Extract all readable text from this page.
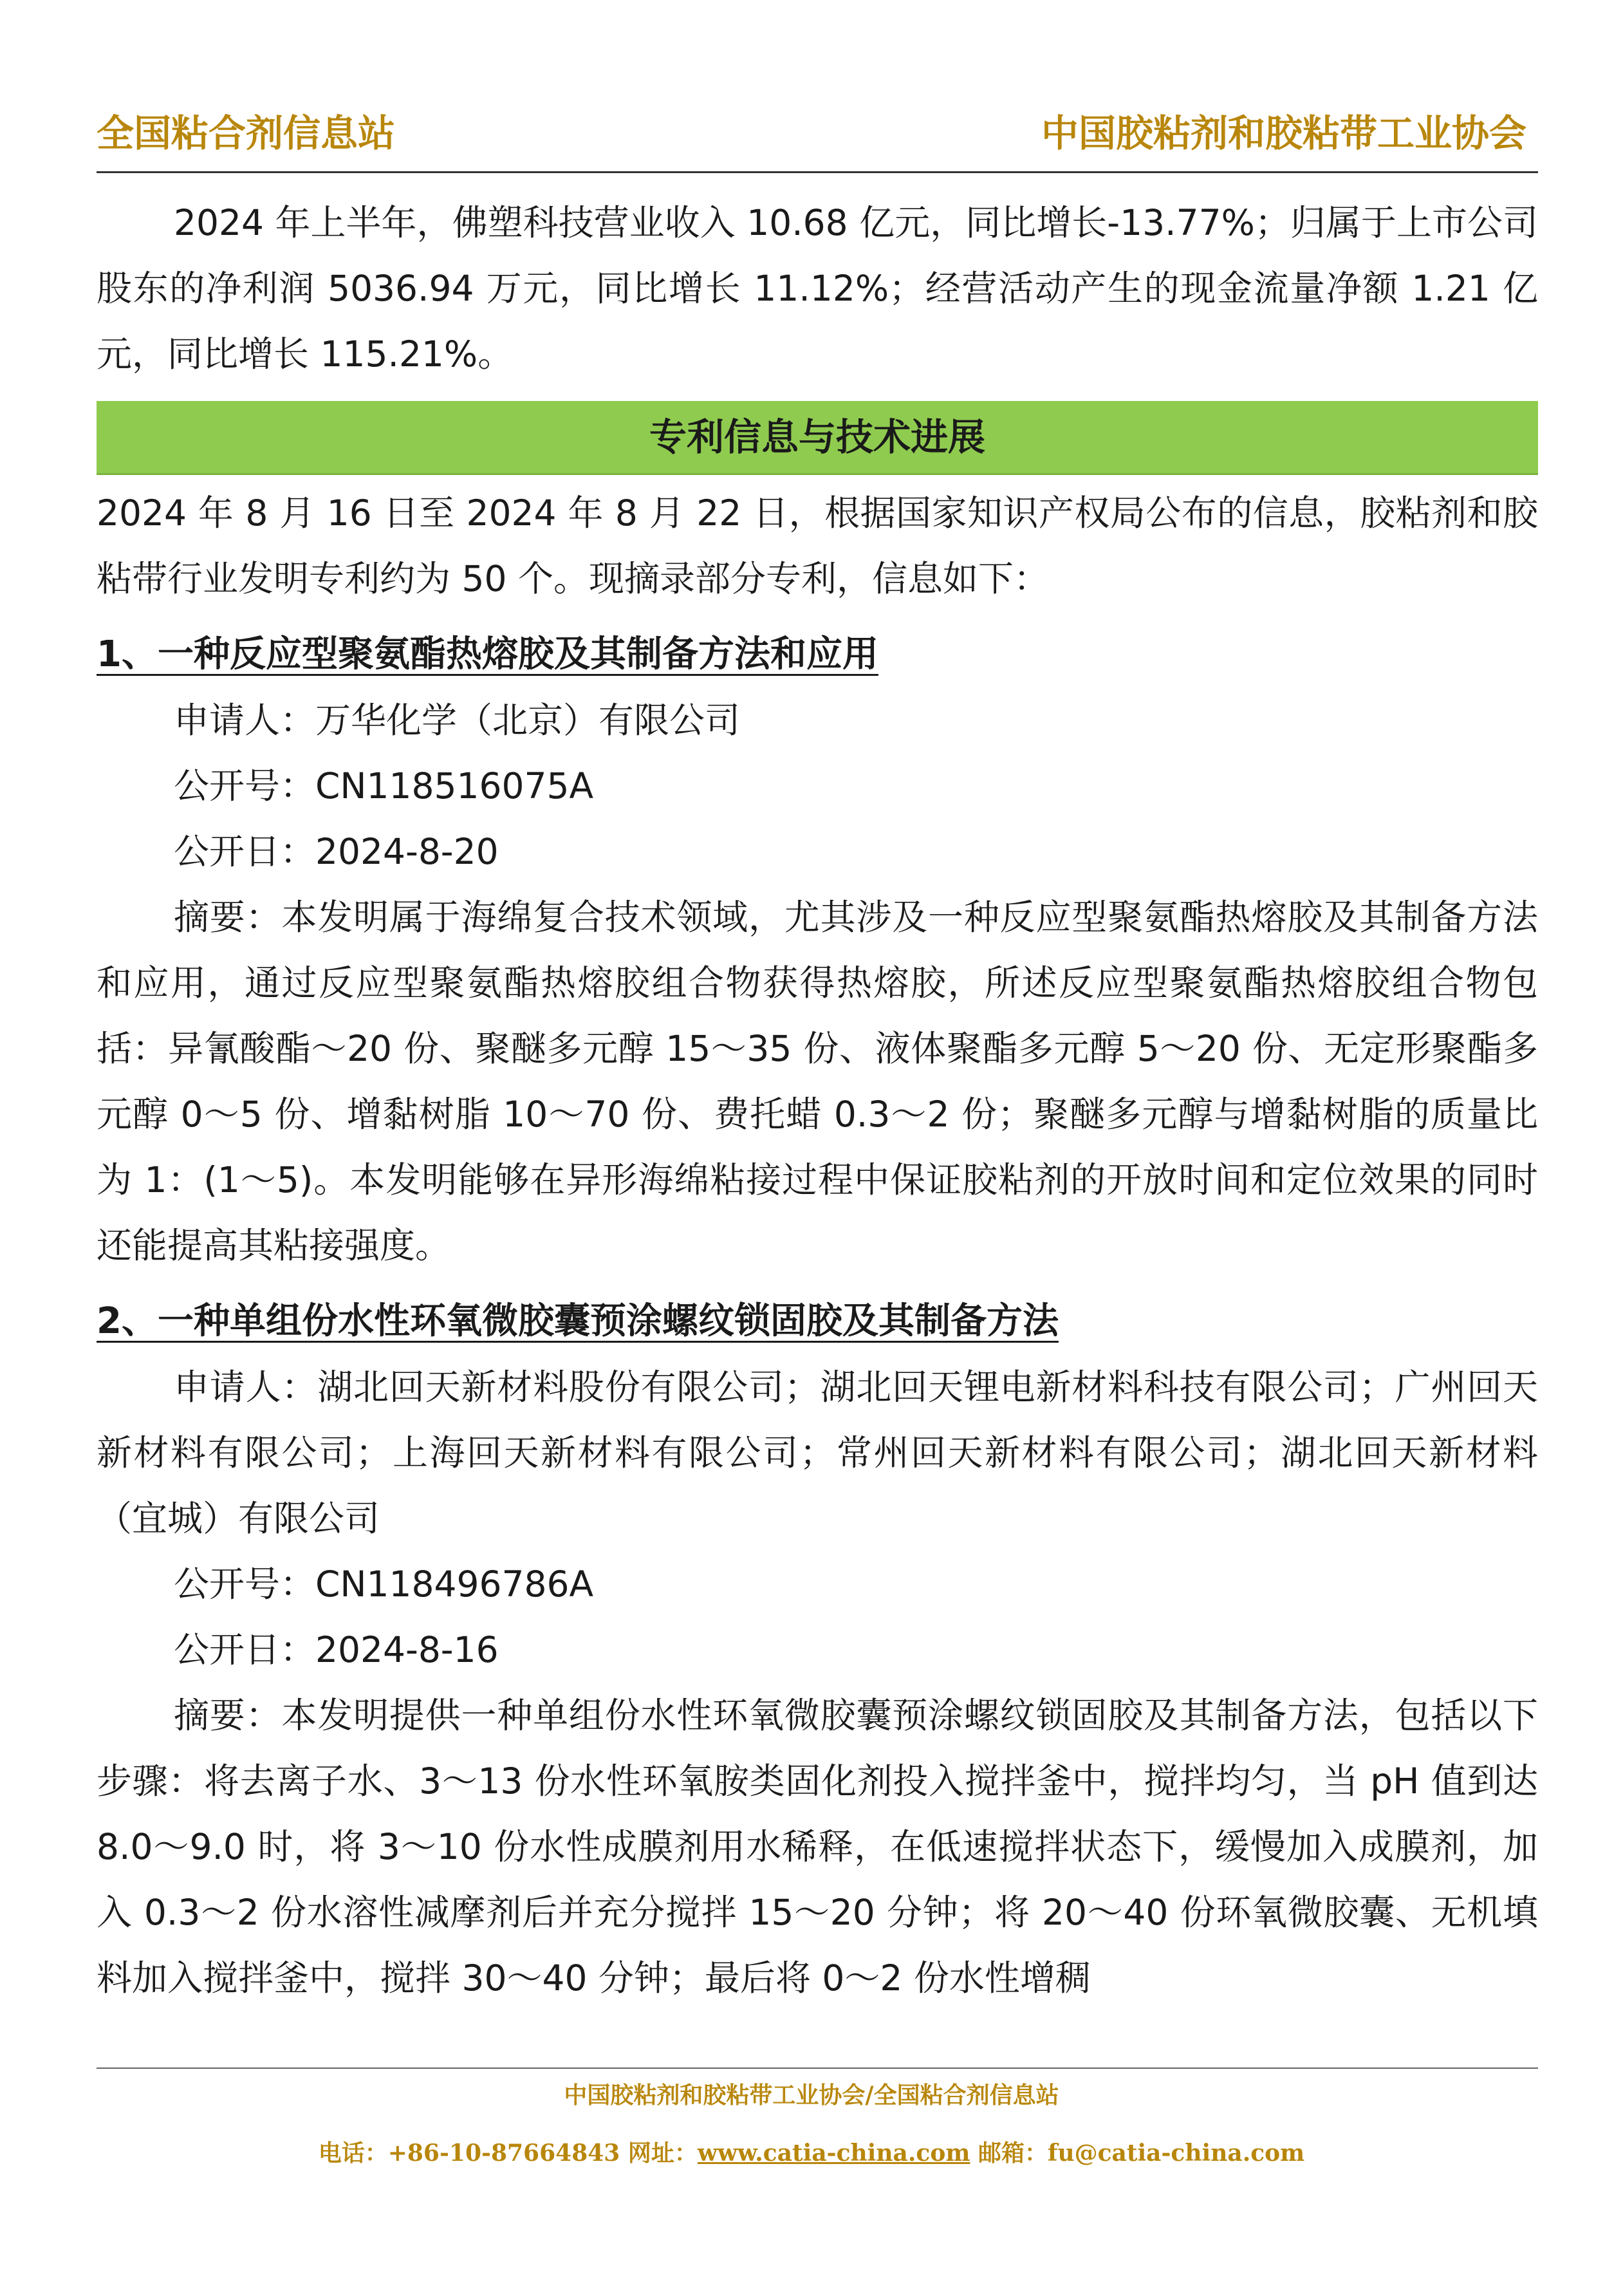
全国粘合剂信息站	中国胶粘剂和胶粘带工业协会

2024 年上半年，佛塑科技营业收入 10.68 亿元，同比增长-13.77%；归属于上市公司股东的净利润 5036.94 万元，同比增长 11.12%；经营活动产生的现金流量净额 1.21 亿元，同比增长 115.21%。

专利信息与技术进展

2024 年 8 月 16 日至 2024 年 8 月 22 日，根据国家知识产权局公布的信息，胶粘剂和胶粘带行业发明专利约为 50 个。现摘录部分专利，信息如下：

1、一种反应型聚氨酯热熔胶及其制备方法和应用

申请人：万华化学（北京）有限公司

公开号：CN118516075A

公开日：2024-8-20

摘要：本发明属于海绵复合技术领域，尤其涉及一种反应型聚氨酯热熔胶及其制备方法和应用，通过反应型聚氨酯热熔胶组合物获得热熔胶，所述反应型聚氨酯热熔胶组合物包括：异氰酸酯～20 份、聚醚多元醇 15～35 份、液体聚酯多元醇 5～20 份、无定形聚酯多元醇 0～5 份、增黏树脂 10～70 份、费托蜡 0.3～2 份；聚醚多元醇与增黏树脂的质量比为 1：(1～5)。本发明能够在异形海绵粘接过程中保证胶粘剂的开放时间和定位效果的同时还能提高其粘接强度。

2、一种单组份水性环氧微胶囊预涂螺纹锁固胶及其制备方法

申请人：湖北回天新材料股份有限公司；湖北回天锂电新材料科技有限公司；广州回天新材料有限公司；上海回天新材料有限公司；常州回天新材料有限公司；湖北回天新材料（宜城）有限公司

公开号：CN118496786A

公开日：2024-8-16

摘要：本发明提供一种单组份水性环氧微胶囊预涂螺纹锁固胶及其制备方法，包括以下步骤：将去离子水、3～13 份水性环氧胺类固化剂投入搅拌釜中，搅拌均匀，当 pH 值到达 8.0～9.0 时，将 3～10 份水性成膜剂用水稀释，在低速搅拌状态下，缓慢加入成膜剂，加入 0.3～2 份水溶性减摩剂后并充分搅拌 15～20 分钟；将 20～40 份环氧微胶囊、无机填料加入搅拌釜中，搅拌 30～40 分钟；最后将 0～2 份水性增稠

中国胶粘剂和胶粘带工业协会/全国粘合剂信息站
电话：+86-10-87664843 网址：www.catia-china.com 邮箱：fu@catia-china.com
